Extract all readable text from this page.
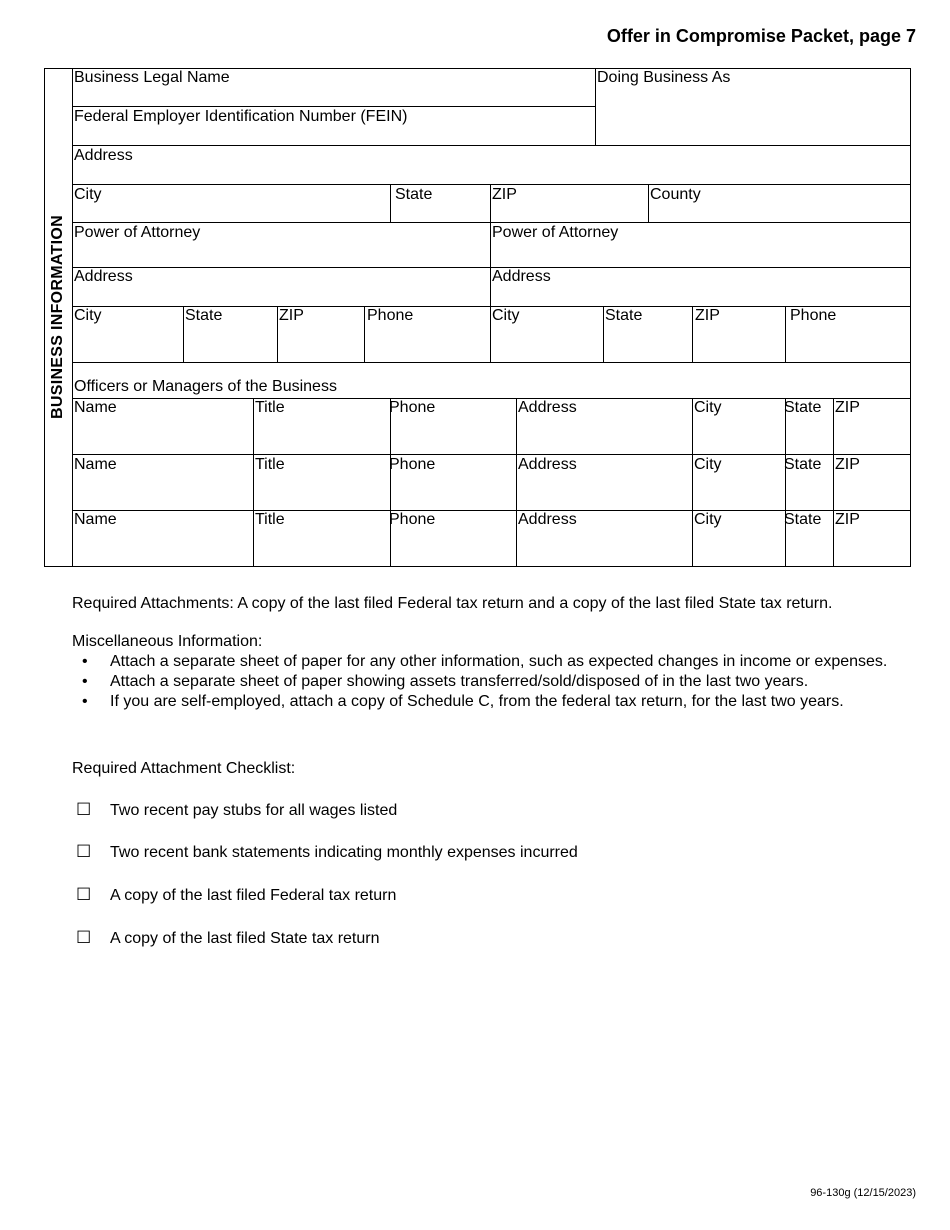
Offer in Compromise Packet, page 7
BUSINESS INFORMATION
Business Legal Name	Doing Business As
Federal Employer Identification Number (FEIN)
Address
City	State	ZIP	County
Power of Attorney	Power of Attorney
Address	Address
City	State	ZIP	Phone	City	State	ZIP	Phone
Officers or Managers of the Business
Name	Title	Phone	Address	City	State ZIP
Name	Title	Phone	Address	City	State ZIP
Name	Title	Phone	Address	City	State ZIP
Required Attachments: A copy of the last filed Federal tax return and a copy of the last filed State tax return.
Miscellaneous Information:
• Attach a separate sheet of paper for any other information, such as expected changes in income or expenses.
• Attach a separate sheet of paper showing assets transferred/sold/disposed of in the last two years.
• If you are self-employed, attach a copy of Schedule C, from the federal tax return, for the last two years.
Required Attachment Checklist:
☐ Two recent pay stubs for all wages listed
☐ Two recent bank statements indicating monthly expenses incurred
☐ A copy of the last filed Federal tax return
☐ A copy of the last filed State tax return
96-130g (12/15/2023)
